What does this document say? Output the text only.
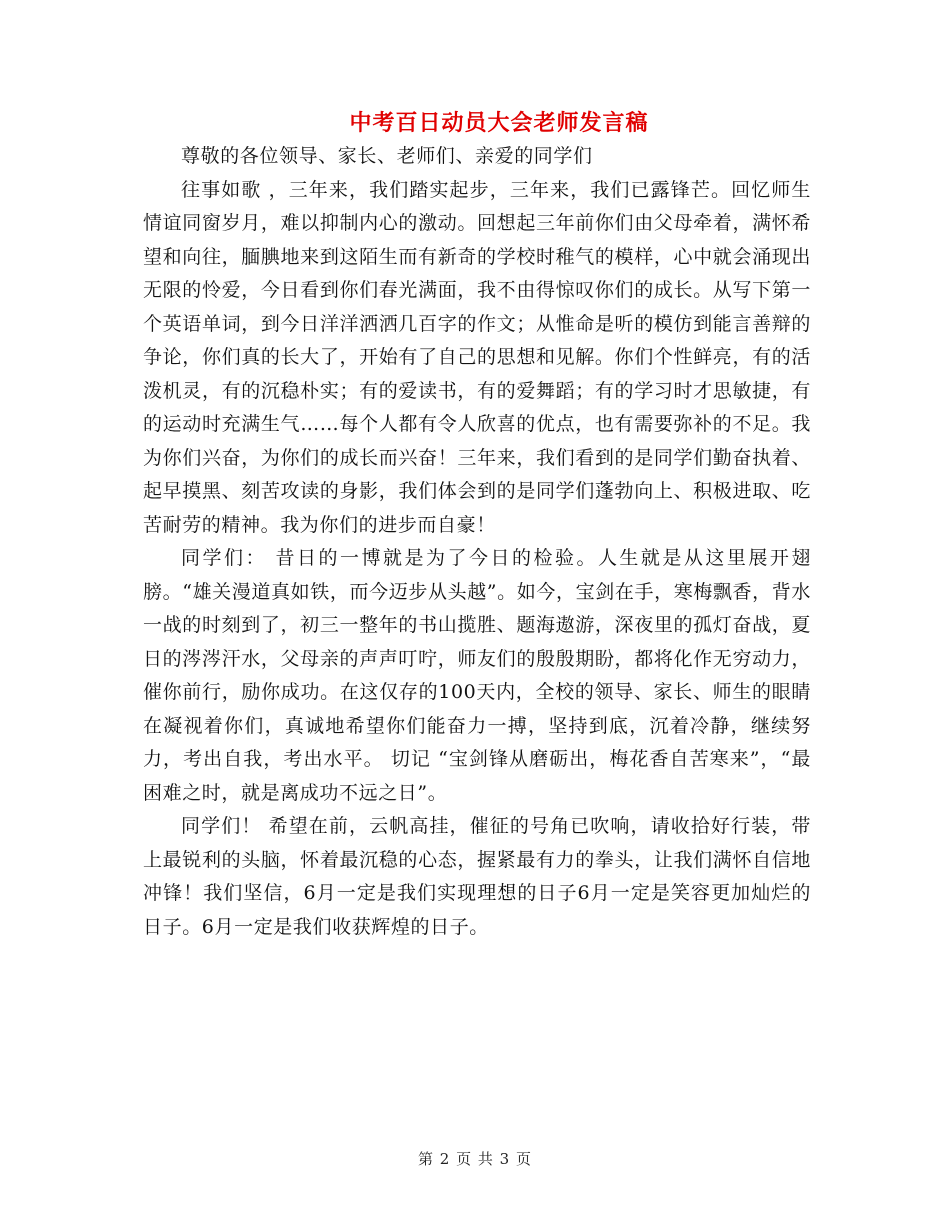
中考百日动员大会老师发言稿

尊敬的各位领导、家长、老师们、亲爱的同学们

往事如歌 ，三年来，我们踏实起步，三年来，我们已露锋芒。回忆师生情谊同窗岁月，难以抑制内心的激动。回想起三年前你们由父母牵着，满怀希望和向往，腼腆地来到这陌生而有新奇的学校时稚气的模样，心中就会涌现出无限的怜爱，今日看到你们春光满面，我不由得惊叹你们的成长。从写下第一个英语单词，到今日洋洋洒洒几百字的作文；从惟命是听的模仿到能言善辩的争论，你们真的长大了，开始有了自己的思想和见解。你们个性鲜亮，有的活泼机灵，有的沉稳朴实；有的爱读书，有的爱舞蹈；有的学习时才思敏捷，有的运动时充满生气……每个人都有令人欣喜的优点，也有需要弥补的不足。我为你们兴奋，为你们的成长而兴奋！三年来，我们看到的是同学们勤奋执着、起早摸黑、刻苦攻读的身影，我们体会到的是同学们蓬勃向上、积极进取、吃苦耐劳的精神。我为你们的进步而自豪！

同学们： 昔日的一博就是为了今日的检验。人生就是从这里展开翅膀。“雄关漫道真如铁，而今迈步从头越”。如今，宝剑在手，寒梅飘香，背水一战的时刻到了，初三一整年的书山揽胜、题海遨游，深夜里的孤灯奋战，夏日的涔涔汗水，父母亲的声声叮咛，师友们的殷殷期盼，都将化作无穷动力，催你前行，励你成功。在这仅存的100天内，全校的领导、家长、师生的眼睛在凝视着你们，真诚地希望你们能奋力一搏，坚持到底，沉着冷静，继续努力，考出自我，考出水平。 切记 “宝剑锋从磨砺出，梅花香自苦寒来”，“最困难之时，就是离成功不远之日”。

同学们！ 希望在前，云帆高挂，催征的号角已吹响，请收拾好行装，带上最锐利的头脑，怀着最沉稳的心态，握紧最有力的拳头，让我们满怀自信地冲锋！我们坚信，6月一定是我们实现理想的日子6月一定是笑容更加灿烂的日子。6月一定是我们收获辉煌的日子。

第 2 页 共 3 页
